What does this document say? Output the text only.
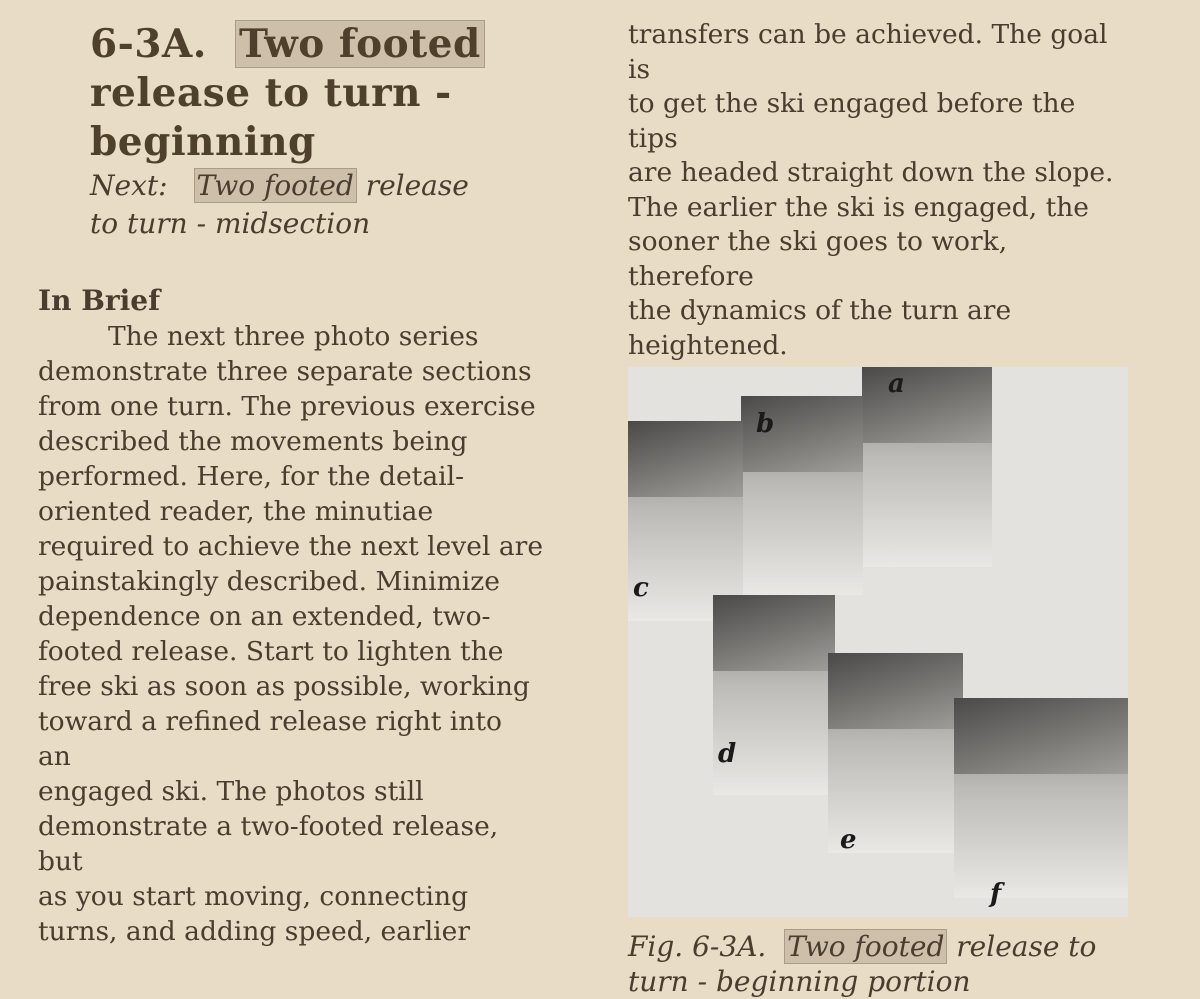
6-3A. Two footed release to turn - beginning
Next: Two footed release
to turn - midsection
In Brief
The next three photo series
demonstrate three separate sections
from one turn. The previous exercise
described the movements being
performed. Here, for the detail-
oriented reader, the minutiae
required to achieve the next level are
painstakingly described. Minimize
dependence on an extended, two-
footed release. Start to lighten the
free ski as soon as possible, working
toward a refined release right into an
engaged ski. The photos still
demonstrate a two-footed release, but
as you start moving, connecting
turns, and adding speed, earlier
transfers can be achieved. The goal is
to get the ski engaged before the tips
are headed straight down the slope.
The earlier the ski is engaged, the
sooner the ski goes to work, therefore
the dynamics of the turn are
heightened.
a
b
c
d
e
f
Fig. 6-3A. Two footed release to
turn - beginning portion
